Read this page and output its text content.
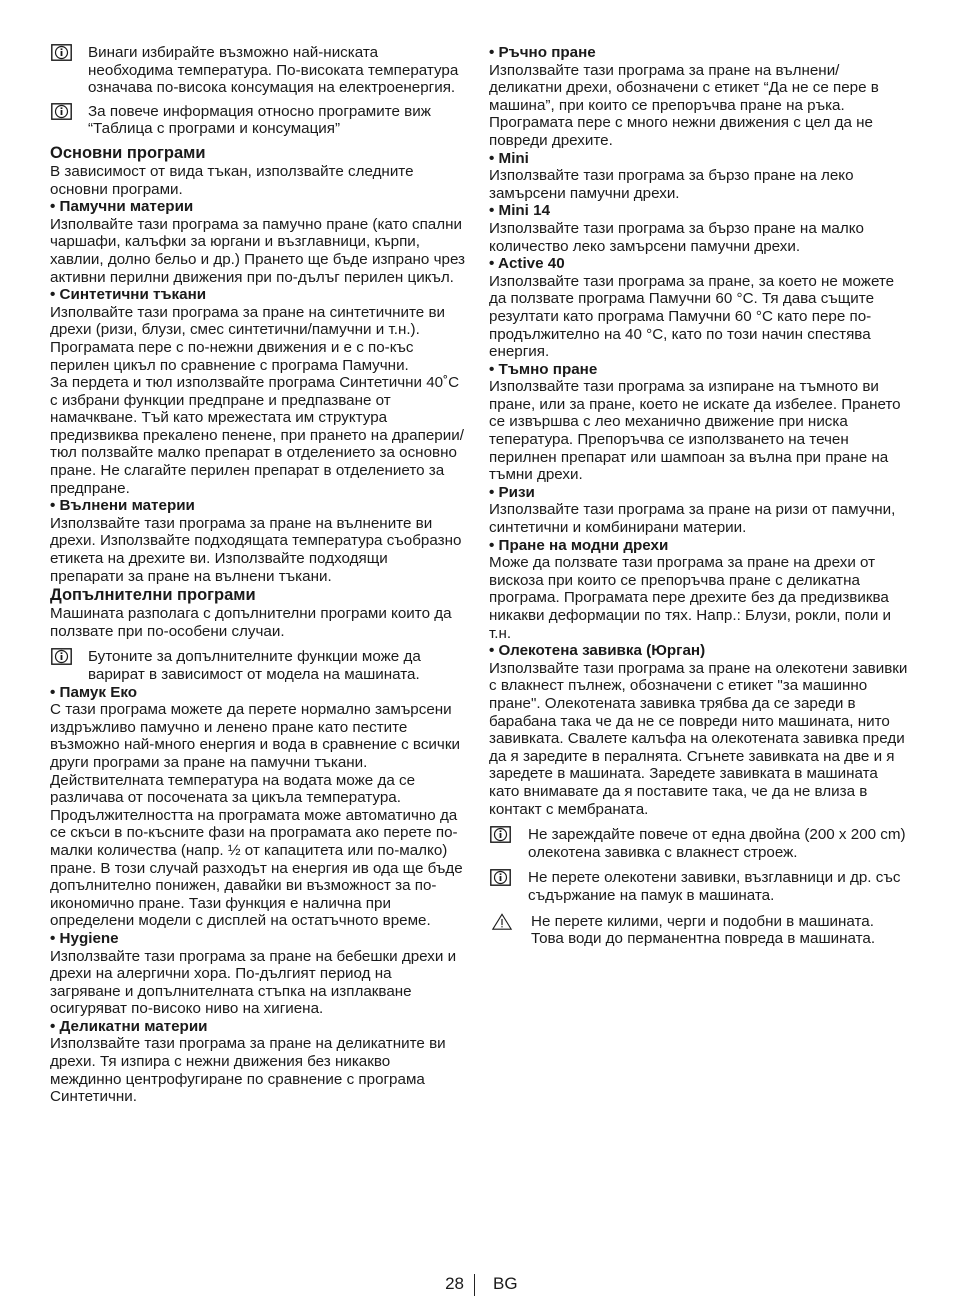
Винаги избирайте възможно най-ниската необходима температура. По-високата температура означава по-висока консумация на електроенергия.
За повече информация относно програмите виж “Таблица с програми и консумация”
Основни програми

В зависимост от вида тъкан, използвайте следните основни програми.

• Памучни материи

Изполвайте тази програма за памучно пране (като спални чаршафи, калъфки за юргани и възглавници, кърпи, хавлии, долно бельо и др.) Прането ще бъде изпрано чрез активни перилни движения при по-дълъг перилен цикъл.

• Синтетични тъкани

Изполвайте тази програма за пране на синтетичните ви дрехи (ризи, блузи, смес синтетични/памучни и т.н.). Програмата пере с по-нежни движения и е с по-къс перилен цикъл по сравнение с програма Памучни.

За пердета и тюл използвайте програма Синтетични 40˚C с избрани функции предпране и предпазване от намачкване. Тъй като мрежестата им структура предизвиква прекалено пенене, при прането на драперии/тюл ползвайте малко препарат в отделението за основно пране. Не слагайте перилен препарат в отделението за предпране.

• Вълнени материи

Използвайте тази програма за пране на вълнените ви дрехи. Използвайте подходящата температура съобразно етикета на дрехите ви. Използвайте подходящи препарати за пране на вълнени тъкани.

Допълнителни програми

Машината разполага с допълнителни програми които да ползвате при по-особени случаи.

Бутоните за допълнителните функции може да варират в зависимост от модела на машината.

• Памук Еко

С тази програма можете да перете нормално замърсени издръжливо памучно и ленено пране като пестите възможно най-много енергия и вода в сравнение с всички други програми за пране на памучни тъкани. Действителната температура на водата може да се различава от посочената за цикъла температура. Продължителността на програмата може автоматично да се скъси в по-късните фази на програмата ако перете по-малки количества (напр. ½ от капацитета или по-малко) пране. В този случай разходът на енергия ив ода ще бъде допълнително понижен, давайки ви възможност за по-икономично пране. Тази функция е налична при определени модели с дисплей на остатъчното време.

• Hygiene

Използвайте тази програма за пране на бебешки дрехи и дрехи на алергични хора. По-дългият период на загряване и допълнителната стъпка на изплакване осигуряват по-високо ниво на хигиена.

• Деликатни материи

Използвайте тази програма за пране на деликатните ви дрехи. Тя изпира с нежни движения без никакво междинно центрофугиране по сравнение с програма Синтетични.

• Ръчно пране

Използвайте тази програма за пране на вълнени/ деликатни дрехи, обозначени с етикет “Да не се пере в машина”, при които се препоръчва пране на ръка. Програмата пере с много нежни движения с цел да не повреди дрехите.

• Mini

Използвайте тази програма за бързо пране на леко замърсени памучни дрехи.

• Mini 14

Използвайте тази програма за бързо пране на малко количество леко замърсени памучни дрехи.

• Active 40

Използвайте тази програма за пране, за което не можете да ползвате програма Памучни 60 °C. Тя дава същите резултати като програма Памучни 60 °C като пере по-продължително на 40 °C, като по този начин спестява енергия.

• Тъмно пране

Използвайте тази програма за изпиране на тъмното ви пране, или за пране, което не искате да избелее. Прането се извършва с лео механично движение при ниска тепература. Препоръчва се използването на течен перилнен препарат или шампоан за вълна при пране на тъмни дрехи.

• Ризи

Използвайте тази програма за пране на ризи от памучни, синтетични и комбинирани материи.

• Пране на модни дрехи

Може да ползвате тази програма за пране на дрехи от вискоза при които се препоръчва пране с деликатна програма. Програмата пере дрехите без да предизвиква никакви деформации по тях. Напр.: Блузи, рокли, поли и т.н.

• Олекотена завивка (Юрган)

Използвайте тази програма за пране на олекотени завивки с влакнест пълнеж, обозначени с етикет "за машинно пране". Олекотената завивка трябва да се зареди в барабана така че да не се повреди нито машината, нито завивката. Свалете калъфа на олекотената завивка преди да я заредите в пералнята. Сгънете завивката на две и я заредете в машината. Заредете завивката в машината като внимавате да я поставите така, че да не влиза в контакт с мембраната.

Не зареждайте повече от една двойна (200 x 200 cm) олекотена завивка с влакнест строеж.
Не перете олекотени завивки, възглавници и др. със съдържание на памук в машината.
Не перете килими, черги и подобни в машината. Това води до перманентна повреда в машината.
28 BG
